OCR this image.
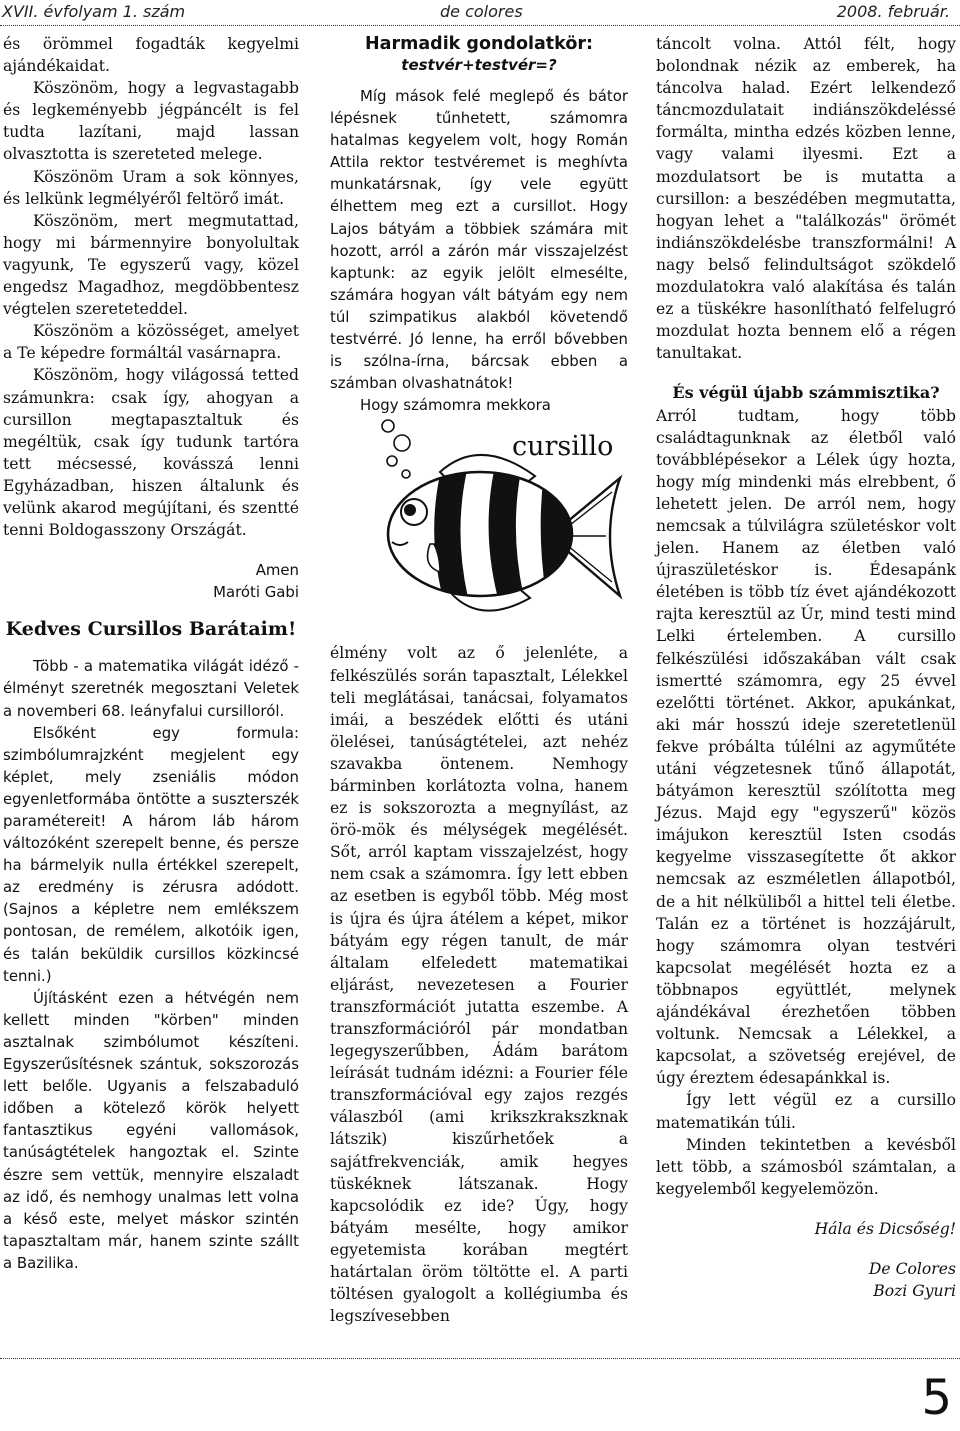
XVII. évfolyam 1. szám	de colores	2008. február.

és örömmel fogadták kegyelmi ajándékaidat.

Köszönöm, hogy a legvastagabb és legkeményebb jégpáncélt is fel tudta lazítani, majd lassan olvasztotta is szereteted melege.

Köszönöm Uram a sok könnyes, és lelkünk legmélyéről feltörő imát.

Köszönöm, mert megmutattad, hogy mi bármennyire bonyolultak vagyunk, Te egyszerű vagy, közel engedsz Magadhoz, megdöbbentesz végtelen szereteteddel.

Köszönöm a közösséget, amelyet a Te képedre formáltál vasárnapra.

Köszönöm, hogy világossá tetted számunkra: csak így, ahogyan a cursillon megtapasztaltuk és megéltük, csak így tudunk tartóra tett mécsessé, kovásszá lenni Egyházadban, hiszen általunk és velünk akarod megújítani, és szentté tenni Boldogasszony Országát.

Amen

Maróti Gabi

Kedves Cursillos Barátaim!

Több - a matematika világát idéző - élményt szeretnék megosztani Veletek a novemberi 68. leányfalui cursilloról.

Elsőként egy formula: szimbólumrajzként megjelent egy képlet, mely zseniális módon egyenletformába öntötte a suszterszék paramétereit! A három láb három változóként szerepelt benne, és persze ha bármelyik nulla értékkel szerepelt, az eredmény is zérusra adódott. (Sajnos a képletre nem emlékszem pontosan, de remélem, alkotóik igen, és talán beküldik cursillos közkincsé tenni.)

Újításként ezen a hétvégén nem kellett minden "körben" minden asztalnak szimbólumot készíteni. Egyszerűsítésnek szántuk, sokszorozás lett belőle. Ugyanis a felszabaduló időben a kötelező körök helyett fantasztikus egyéni vallomások, tanúságtételek hangoztak el. Szinte észre sem vettük, mennyire elszaladt az idő, és nemhogy unalmas lett volna a késő este, melyet máskor szintén tapasztaltam már, hanem szinte szállt a Bazilika.

Harmadik gondolatkör:
testvér+testvér=?

Míg mások felé meglepő és bátor lépésnek tűnhetett, számomra hatalmas kegyelem volt, hogy Román Attila rektor testvéremet is meghívta munkatársnak, így vele együtt élhettem meg ezt a cursillot. Hogy Lajos bátyám a többiek számára mit hozott, arról a zárón már visszajelzést kaptunk: az egyik jelölt elmesélte, számára hogyan vált bátyám egy nem túl szimpatikus alakból követendő testvérré. Jó lenne, ha erről bővebben is szólna-írna, bárcsak ebben a számban olvashatnátok!

Hogy számomra mekkora

cursillo

élmény volt az ő jelenléte, a felkészülés során tapasztalt, Lélekkel teli meglátásai, tanácsai, folyamatos imái, a beszédek előtti és utáni ölelései, tanúságtételei, azt nehéz szavakba öntenem. Nemhogy bárminben korlátozta volna, hanem ez is sokszorozta a megnyílást, az örö-mök és mélységek megélését. Sőt, arról kaptam visszajelzést, hogy nem csak a számomra. Így lett ebben az esetben is egyből több. Még most is újra és újra átélem a képet, mikor bátyám egy régen tanult, de már általam elfeledett matematikai eljárást, nevezetesen a Fourier transzformációt jutatta eszembe. A transzformációról pár mondatban legegyszerűbben, Ádám barátom leírását tudnám idézni: a Fourier féle transzformációval egy zajos rezgés válaszból (ami krikszkrakszknak látszik) kiszűrhetőek a sajátfrekvenciák, amik hegyes tüskéknek látszanak. Hogy kapcsolódik ez ide? Úgy, hogy bátyám mesélte, hogy amikor egyetemista korában megtért határtalan öröm töltötte el. A parti töltésen gyalogolt a kollégiumba és legszívesebben

táncolt volna. Attól félt, hogy bolondnak nézik az emberek, ha táncolva halad. Ezért lelkendező táncmozdulatait indiánszökdeléssé formálta, mintha edzés közben lenne, vagy valami ilyesmi. Ezt a mozdulatsort be is mutatta a cursillon: a beszédében megmutatta, hogyan lehet a "találkozás" örömét indiánszökdelésbe transzformálni! A nagy belső felindultságot szökdelő mozdulatokra való alakítása és talán ez a tüskékre hasonlítható felfelugró mozdulat hozta bennem elő a régen tanultakat.

És végül újabb számmisztika?

Arról tudtam, hogy több családtagunknak az életből való továbblépésekor a Lélek úgy hozta, hogy míg mindenki más elrebbent, ő lehetett jelen. De arról nem, hogy nemcsak a túlvilágra születéskor volt jelen. Hanem az életben való újraszületéskor is. Édesapánk életében is több tíz évet ajándékozott rajta keresztül az Úr, mind testi mind Lelki értelemben. A cursillo felkészülési időszakában vált csak ismertté számomra, egy 25 évvel ezelőtti történet. Akkor, apukánkat, aki már hosszú ideje szeretetlenül fekve próbálta túlélni az agyműtéte utáni végzetesnek tűnő állapotát, bátyámon keresztül szólította meg Jézus. Majd egy "egyszerű" közös imájukon keresztül Isten csodás kegyelme visszasegítette őt akkor nemcsak az eszméletlen állapotból, de a hit nélküliből a hittel teli életbe. Talán ez a történet is hozzájárult, hogy számomra olyan testvéri kapcsolat megélését hozta ez a többnapos együttlét, melynek ajándékával érezhetően többen voltunk. Nemcsak a Lélekkel, a kapcsolat, a szövetség erejével, de úgy éreztem édesapánkkal is.

Így lett végül ez a cursillo matematikán túli.

Minden tekintetben a kevésből lett több, a számosból számtalan, a kegyelemből kegyelemözön.

Hála és Dicsőség!

De Colores

Bozi Gyuri

5
